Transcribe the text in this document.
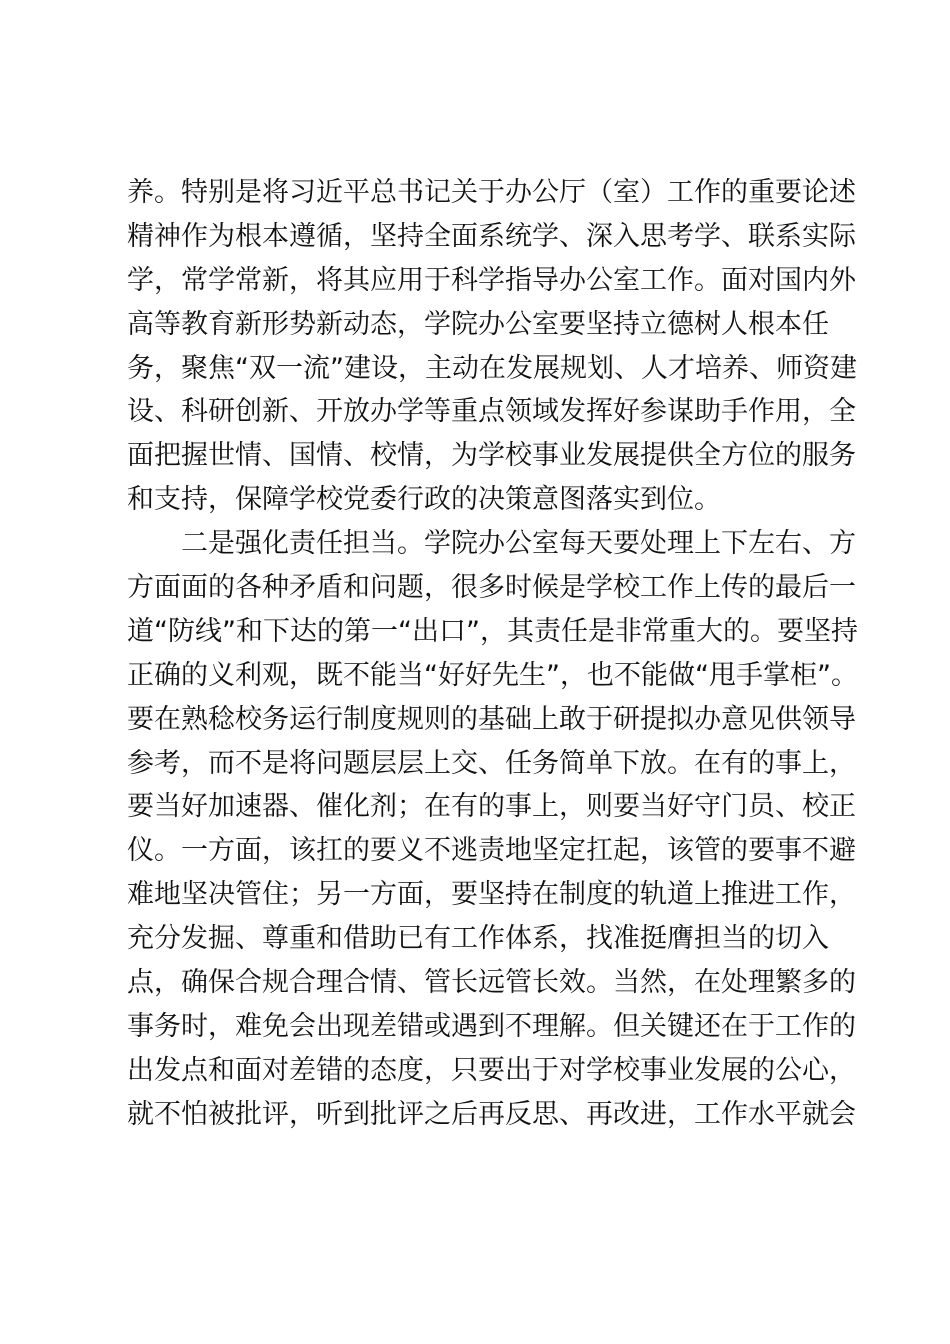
养。特别是将习近平总书记关于办公厅（室）工作的重要论述
精神作为根本遵循，坚持全面系统学、深入思考学、联系实际
学，常学常新，将其应用于科学指导办公室工作。面对国内外
高等教育新形势新动态，学院办公室要坚持立德树人根本任
务，聚焦“双一流”建设，主动在发展规划、人才培养、师资建
设、科研创新、开放办学等重点领域发挥好参谋助手作用，全
面把握世情、国情、校情，为学校事业发展提供全方位的服务
和支持，保障学校党委行政的决策意图落实到位。
二是强化责任担当。学院办公室每天要处理上下左右、方
方面面的各种矛盾和问题，很多时候是学校工作上传的最后一
道“防线”和下达的第一“出口”，其责任是非常重大的。要坚持
正确的义利观，既不能当“好好先生”，也不能做“甩手掌柜”。
要在熟稔校务运行制度规则的基础上敢于研提拟办意见供领导
参考，而不是将问题层层上交、任务简单下放。在有的事上，
要当好加速器、催化剂；在有的事上，则要当好守门员、校正
仪。一方面，该扛的要义不逃责地坚定扛起，该管的要事不避
难地坚决管住；另一方面，要坚持在制度的轨道上推进工作，
充分发掘、尊重和借助已有工作体系，找准挺膺担当的切入
点，确保合规合理合情、管长远管长效。当然，在处理繁多的
事务时，难免会出现差错或遇到不理解。但关键还在于工作的
出发点和面对差错的态度，只要出于对学校事业发展的公心，
就不怕被批评，听到批评之后再反思、再改进，工作水平就会
